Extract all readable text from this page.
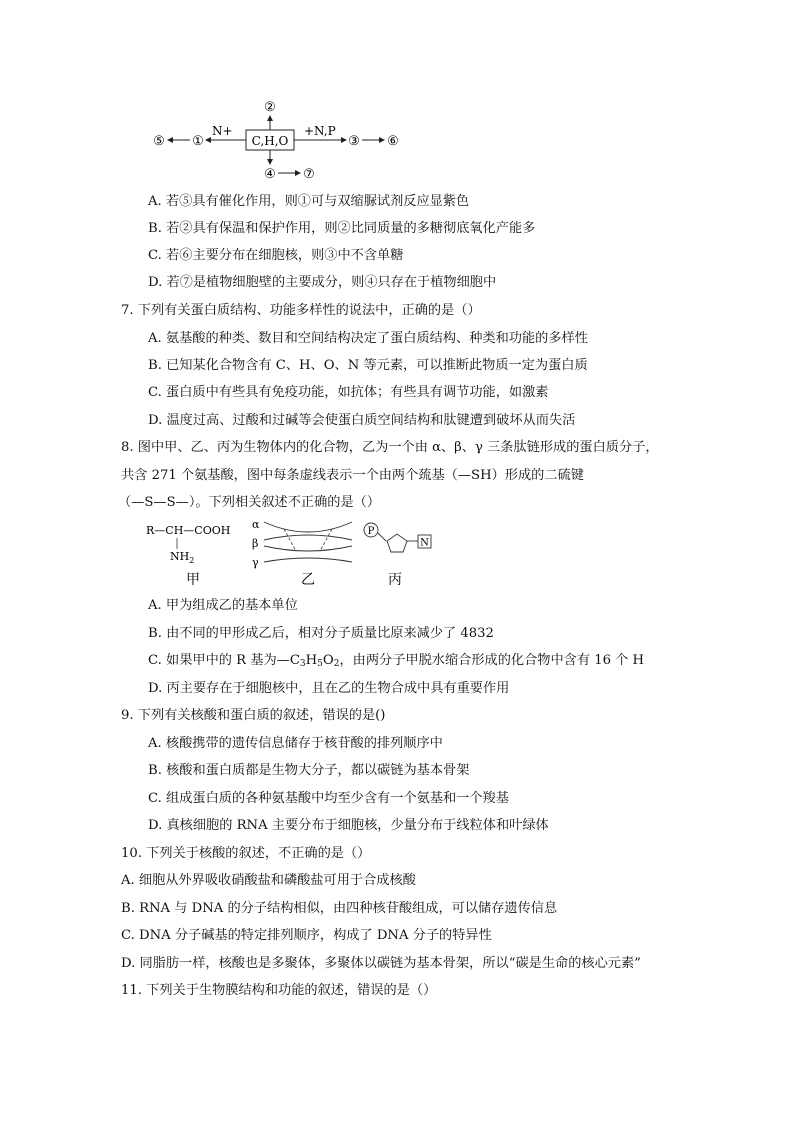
C,H,O
②
N+
①
⑤
+N,P
③ ⑥
④ ⑦
A. 若⑤具有催化作用，则①可与双缩脲试剂反应显紫色
B. 若②具有保温和保护作用，则②比同质量的多糖彻底氧化产能多
C. 若⑥主要分布在细胞核，则③中不含单糖
D. 若⑦是植物细胞壁的主要成分，则④只存在于植物细胞中
7. 下列有关蛋白质结构、功能多样性的说法中，正确的是（）
A. 氨基酸的种类、数目和空间结构决定了蛋白质结构、种类和功能的多样性
B. 已知某化合物含有 C、H、O、N 等元素，可以推断此物质一定为蛋白质
C. 蛋白质中有些具有免疫功能，如抗体；有些具有调节功能，如激素
D. 温度过高、过酸和过碱等会使蛋白质空间结构和肽键遭到破坏从而失活
8. 图中甲、乙、丙为生物体内的化合物，乙为一个由 α、β、γ 三条肽链形成的蛋白质分子，
共含 271 个氨基酸，图中每条虚线表示一个由两个巯基（—SH）形成的二硫键
（—S—S—）。下列相关叙述不正确的是（）
R—CH—COOH
$NH_2$
甲
α
β
γ
乙
P
N
丙
A. 甲为组成乙的基本单位
B. 由不同的甲形成乙后，相对分子质量比原来减少了 4832
C. 如果甲中的 R 基为$—C_3H_5O_2$，由两分子甲脱水缩合形成的化合物中含有 16 个 H
D. 丙主要存在于细胞核中，且在乙的生物合成中具有重要作用
9. 下列有关核酸和蛋白质的叙述，错误的是()
A. 核酸携带的遗传信息储存于核苷酸的排列顺序中
B. 核酸和蛋白质都是生物大分子，都以碳链为基本骨架
C. 组成蛋白质的各种氨基酸中均至少含有一个氨基和一个羧基
D. 真核细胞的 RNA 主要分布于细胞核，少量分布于线粒体和叶绿体
10. 下列关于核酸的叙述，不正确的是（）
A. 细胞从外界吸收硝酸盐和磷酸盐可用于合成核酸
B. RNA 与 DNA 的分子结构相似，由四种核苷酸组成，可以储存遗传信息
C. DNA 分子碱基的特定排列顺序，构成了 DNA 分子的特异性
D. 同脂肪一样，核酸也是多聚体，多聚体以碳链为基本骨架，所以“碳是生命的核心元素”
11. 下列关于生物膜结构和功能的叙述，错误的是（）
